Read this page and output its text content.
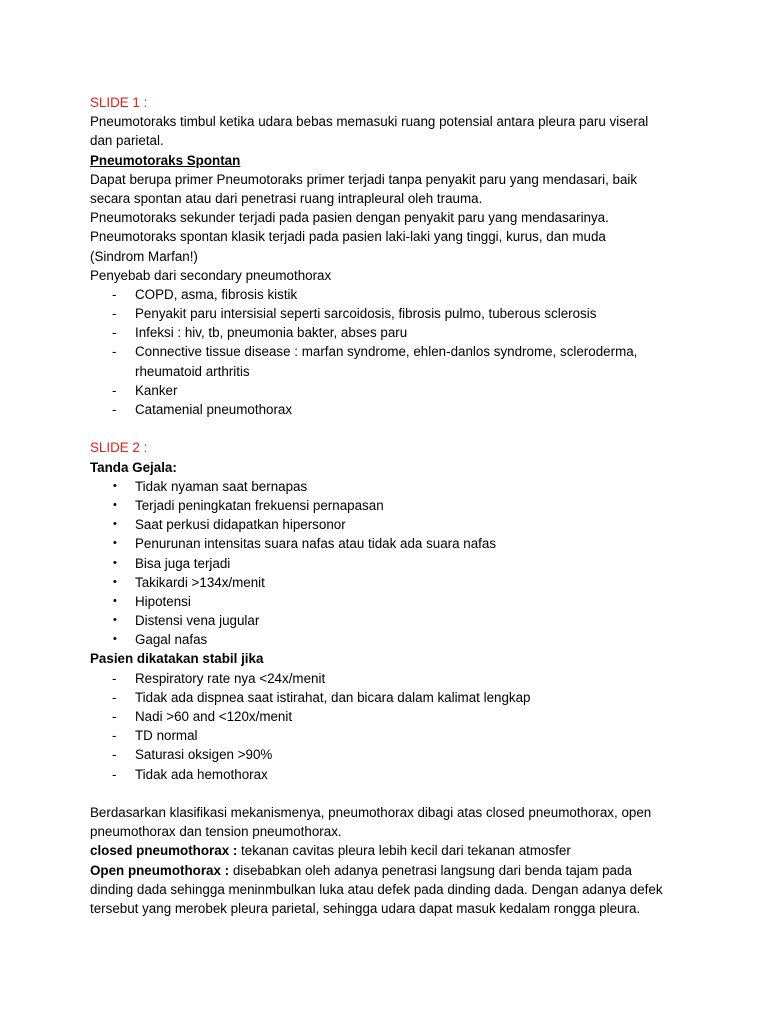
SLIDE 1 :
Pneumotoraks timbul ketika udara bebas memasuki ruang potensial antara pleura paru viseral
dan parietal.
Pneumotoraks Spontan
Dapat berupa primer Pneumotoraks primer terjadi tanpa penyakit paru yang mendasari, baik
secara spontan atau dari penetrasi ruang intrapleural oleh trauma.
Pneumotoraks sekunder terjadi pada pasien dengan penyakit paru yang mendasarinya.
Pneumotoraks spontan klasik terjadi pada pasien laki-laki yang tinggi, kurus, dan muda
(Sindrom Marfan!)
Penyebab dari secondary pneumothorax
-	COPD, asma, fibrosis kistik
-	Penyakit paru intersisial seperti sarcoidosis, fibrosis pulmo, tuberous sclerosis
-	Infeksi : hiv, tb, pneumonia bakter, abses paru
-	Connective tissue disease : marfan syndrome, ehlen-danlos syndrome, scleroderma,
rheumatoid arthritis
-	Kanker
-	Catamenial pneumothorax
SLIDE 2 :
Tanda Gejala:
• Tidak nyaman saat bernapas
• Terjadi peningkatan frekuensi pernapasan
• Saat perkusi didapatkan hipersonor
• Penurunan intensitas suara nafas atau tidak ada suara nafas
• Bisa juga terjadi
• Takikardi >134x/menit
• Hipotensi
• Distensi vena jugular
• Gagal nafas
Pasien dikatakan stabil jika
-	Respiratory rate nya <24x/menit
-	Tidak ada dispnea saat istirahat, dan bicara dalam kalimat lengkap
-	Nadi >60 and <120x/menit
-	TD normal
-	Saturasi oksigen >90%
-	Tidak ada hemothorax
Berdasarkan klasifikasi mekanismenya, pneumothorax dibagi atas closed pneumothorax, open
pneumothorax dan tension pneumothorax.
closed pneumothorax : tekanan cavitas pleura lebih kecil dari tekanan atmosfer
Open pneumothorax : disebabkan oleh adanya penetrasi langsung dari benda tajam pada
dinding dada sehingga meninmbulkan luka atau defek pada dinding dada. Dengan adanya defek
tersebut yang merobek pleura parietal, sehingga udara dapat masuk kedalam rongga pleura.
